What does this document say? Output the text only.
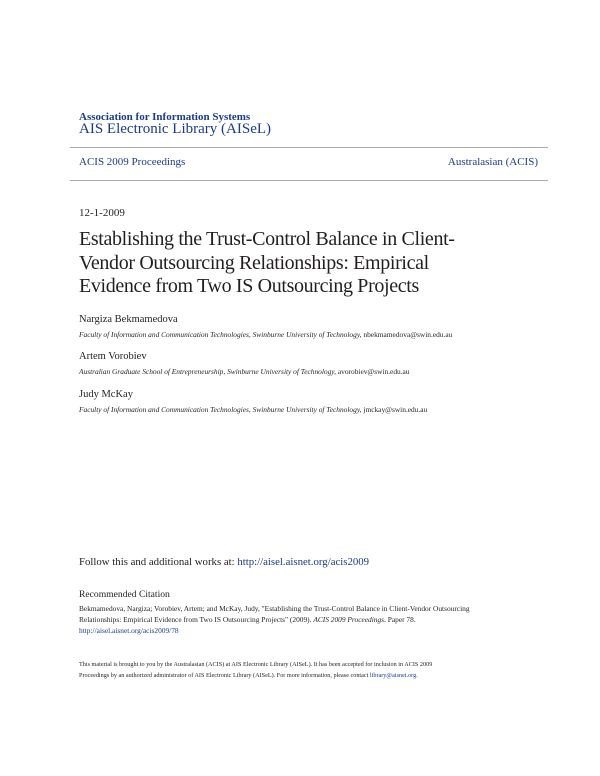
Association for Information Systems
AIS Electronic Library (AISeL)
ACIS 2009 Proceedings	Australasian (ACIS)
12-1-2009
Establishing the Trust-Control Balance in Client-
Vendor Outsourcing Relationships: Empirical
Evidence from Two IS Outsourcing Projects
Nargiza Bekmamedova
Faculty of Information and Communication Technologies, Swinburne University of Technology, nbekmamedova@swin.edu.au
Artem Vorobiev
Australian Graduate School of Entrepreneurship, Swinburne University of Technology, avorobiev@swin.edu.au
Judy McKay
Faculty of Information and Communication Technologies, Swinburne University of Technology, jmckay@swin.edu.au
Follow this and additional works at: http://aisel.aisnet.org/acis2009
Recommended Citation
Bekmamedova, Nargiza; Vorobiev, Artem; and McKay, Judy, "Establishing the Trust-Control Balance in Client-Vendor Outsourcing
Relationships: Empirical Evidence from Two IS Outsourcing Projects" (2009). ACIS 2009 Proceedings. Paper 78.
http://aisel.aisnet.org/acis2009/78
This material is brought to you by the Australasian (ACIS) at AIS Electronic Library (AISeL). It has been accepted for inclusion in ACIS 2009
Proceedings by an authorized administrator of AIS Electronic Library (AISeL). For more information, please contact library@aisnet.org.
